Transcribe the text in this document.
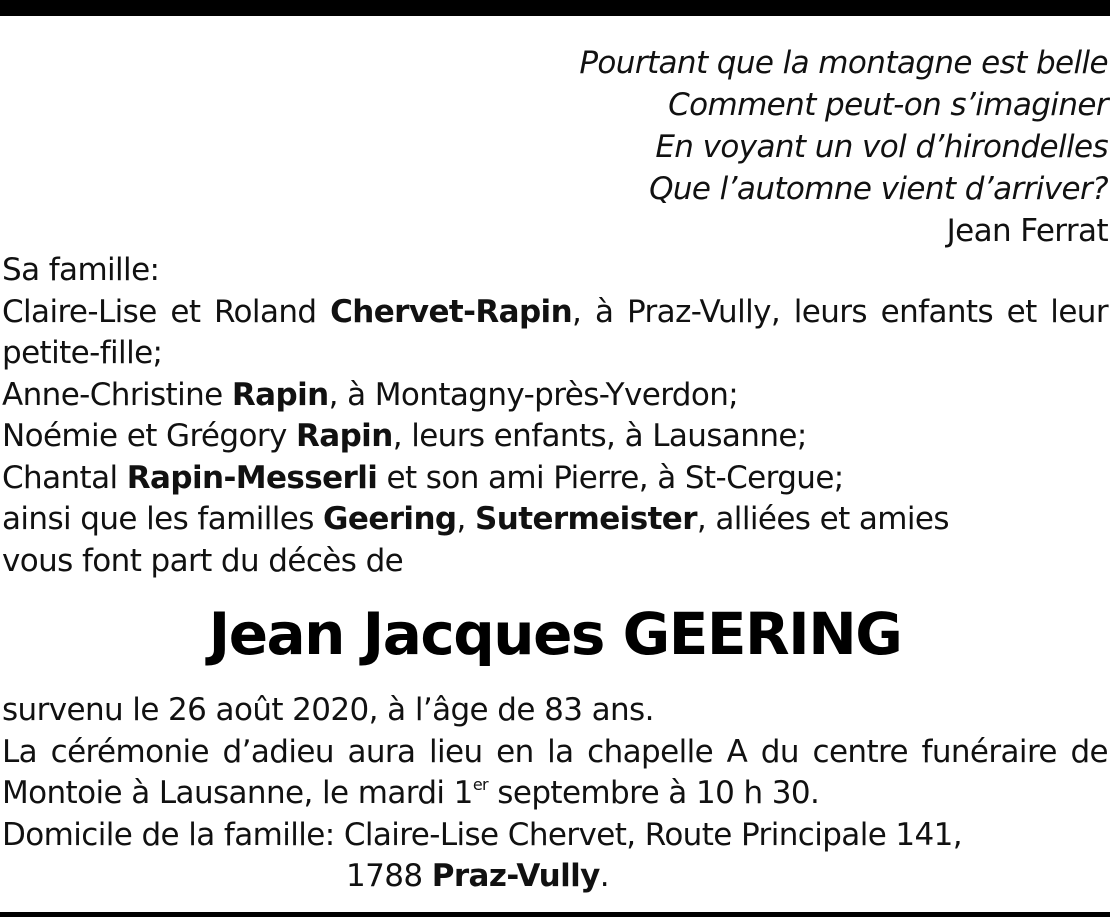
Pourtant que la montagne est belle
Comment peut-on s’imaginer
En voyant un vol d’hirondelles
Que l’automne vient d’arriver?
Jean Ferrat
Sa famille:
Claire-Lise et Roland Chervet-Rapin, à Praz-Vully, leurs enfants et leur petite-fille;
Anne-Christine Rapin, à Montagny-près-Yverdon;
Noémie et Grégory Rapin, leurs enfants, à Lausanne;
Chantal Rapin-Messerli et son ami Pierre, à St-Cergue;
ainsi que les familles Geering, Sutermeister, alliées et amies
vous font part du décès de
Jean Jacques GEERING
survenu le 26 août 2020, à l’âge de 83 ans.
La cérémonie d’adieu aura lieu en la chapelle A du centre funéraire de Montoie à Lausanne, le mardi 1er septembre à 10 h 30.
Domicile de la famille: Claire-Lise Chervet, Route Principale 141,
1788 Praz-Vully.
